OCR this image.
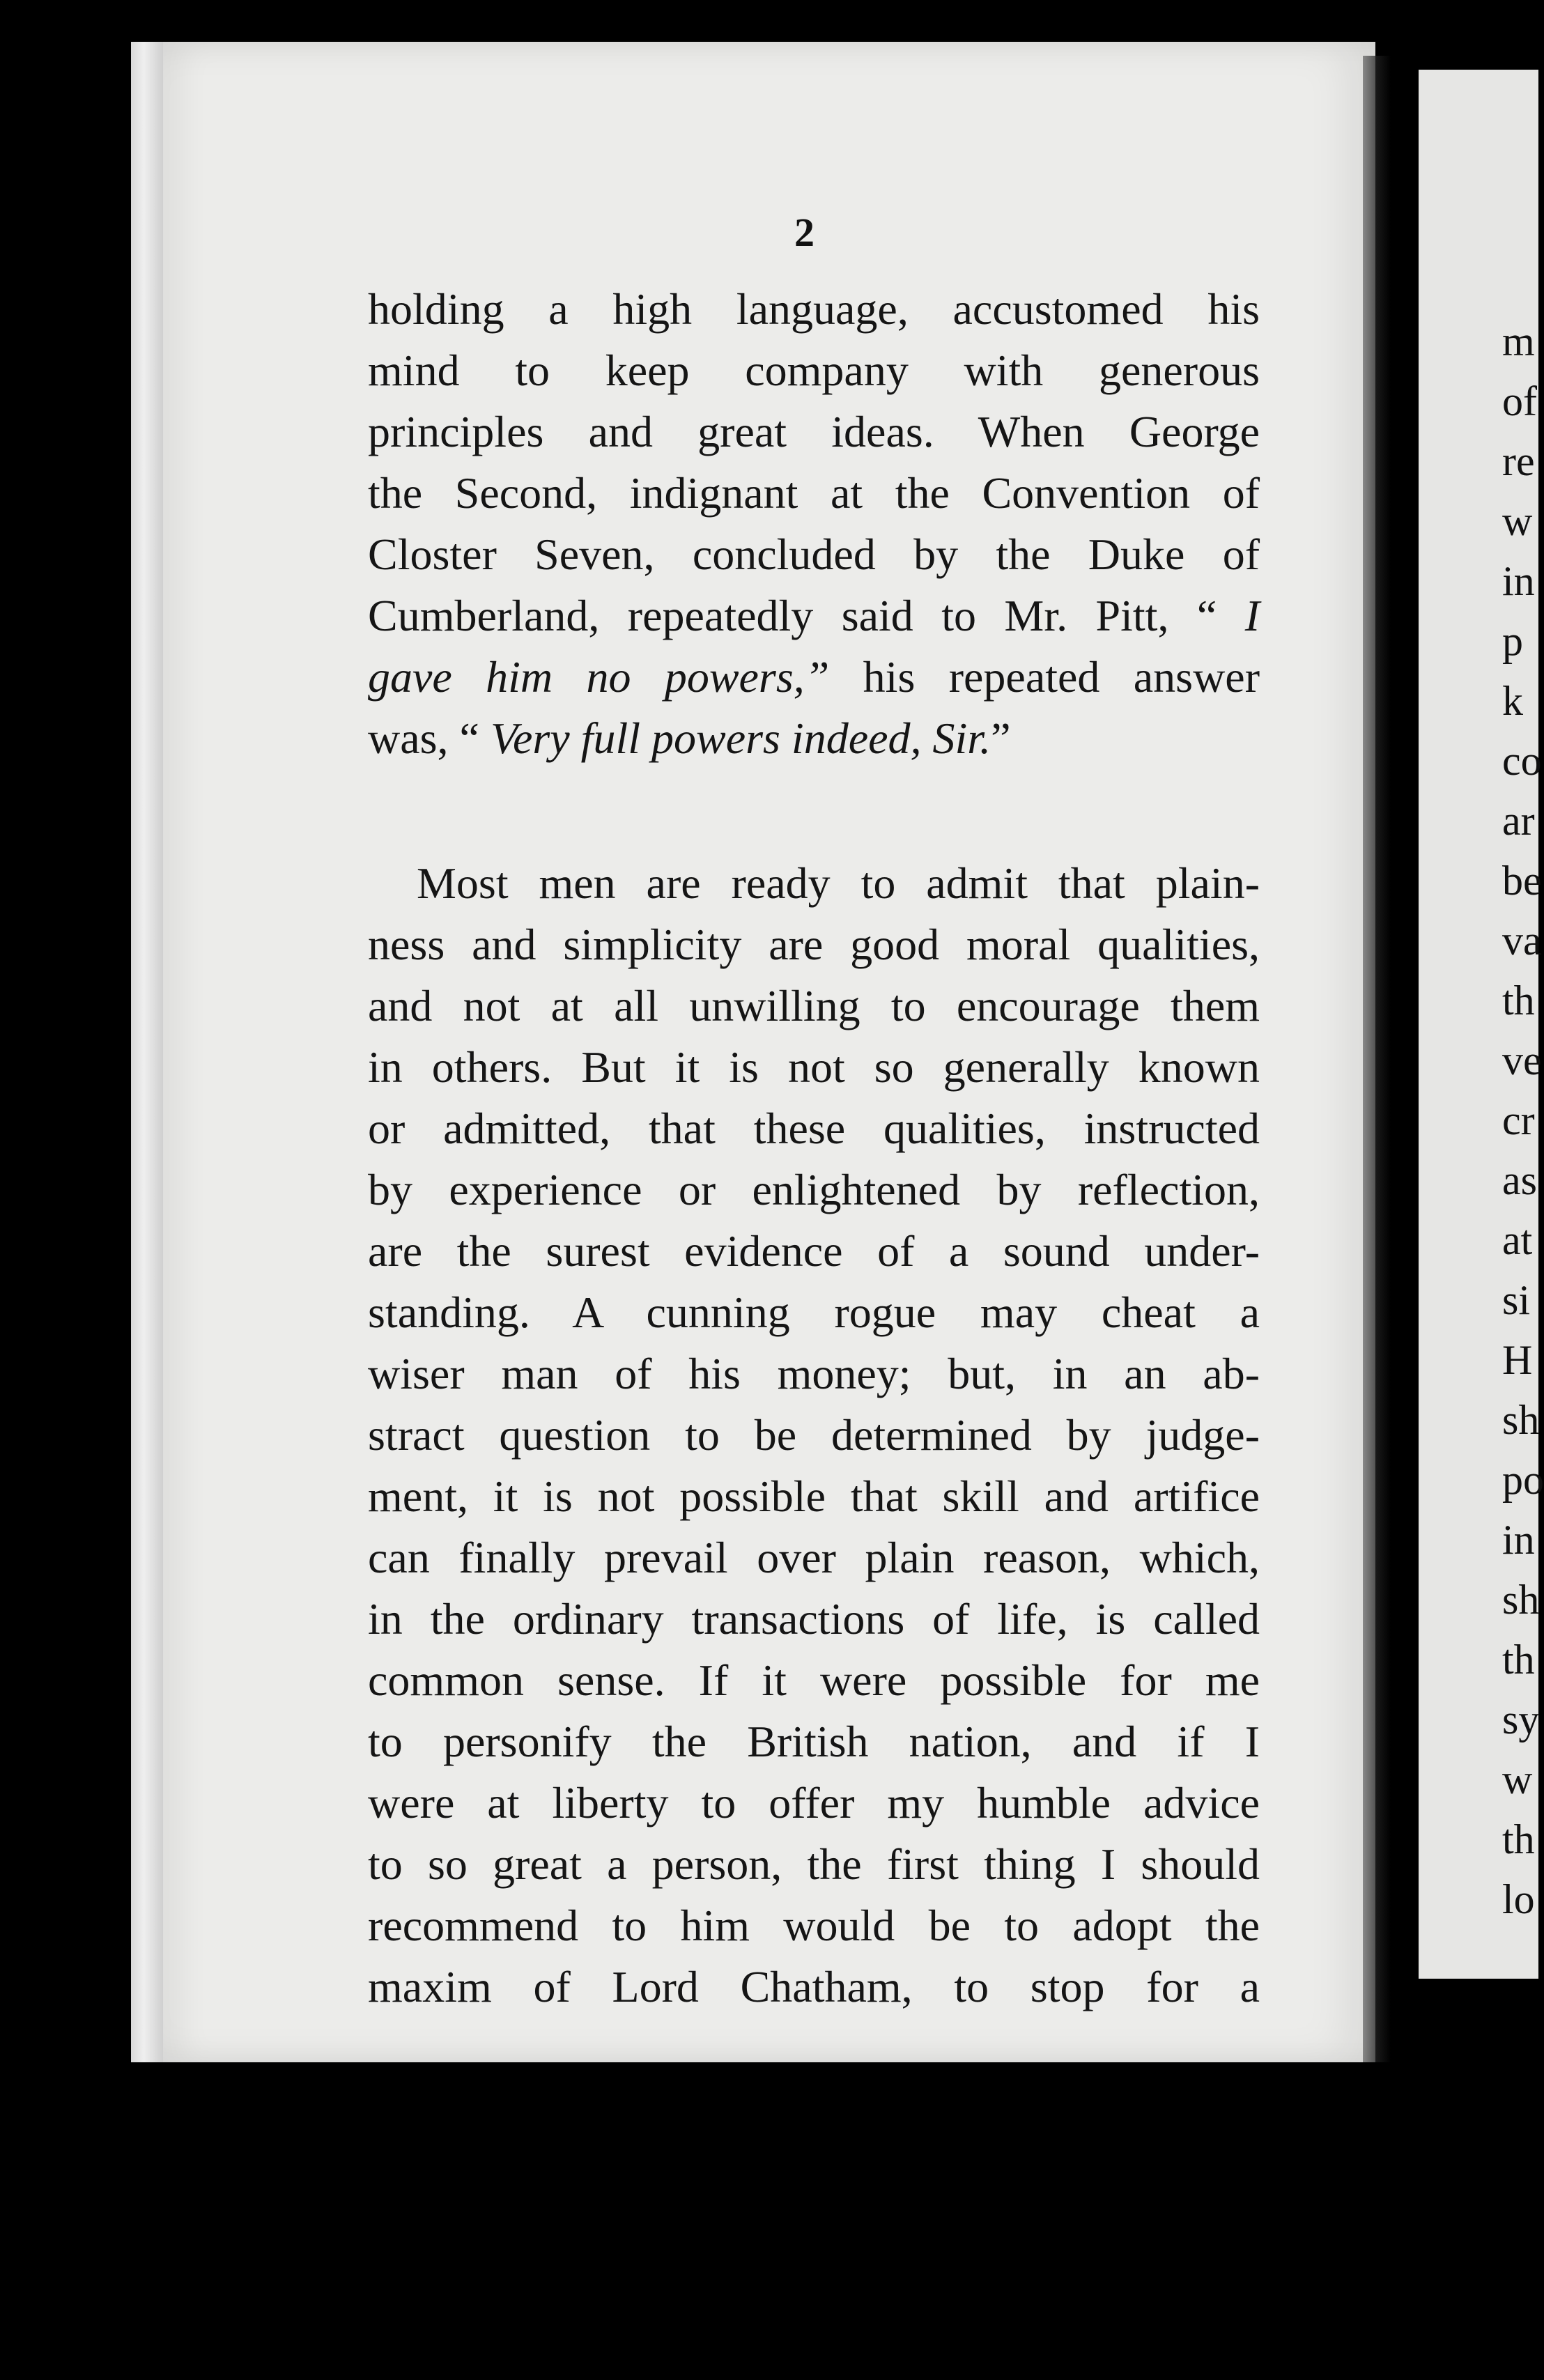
m
of
re
w
in
p
k
co
ar
be
va
th
ve
cr
as
at
si
H
sh
po
in
sh
th
sy
w
th
lo
2
holding a high language, accustomed his
mind to keep company with generous
principles and great ideas. When George
the Second, indignant at the Convention of
Closter Seven, concluded by the Duke of
Cumberland, repeatedly said to Mr. Pitt, “ I
gave him no powers,” his repeated answer
was, “ Very full powers indeed, Sir.”
Most men are ready to admit that plain-
ness and simplicity are good moral qualities,
and not at all unwilling to encourage them
in others. But it is not so generally known
or admitted, that these qualities, instructed
by experience or enlightened by reflection,
are the surest evidence of a sound under-
standing. A cunning rogue may cheat a
wiser man of his money; but, in an ab-
stract question to be determined by judge-
ment, it is not possible that skill and artifice
can finally prevail over plain reason, which,
in the ordinary transactions of life, is called
common sense. If it were possible for me
to personify the British nation, and if I
were at liberty to offer my humble advice
to so great a person, the first thing I should
recommend to him would be to adopt the
maxim of Lord Chatham, to stop for a
